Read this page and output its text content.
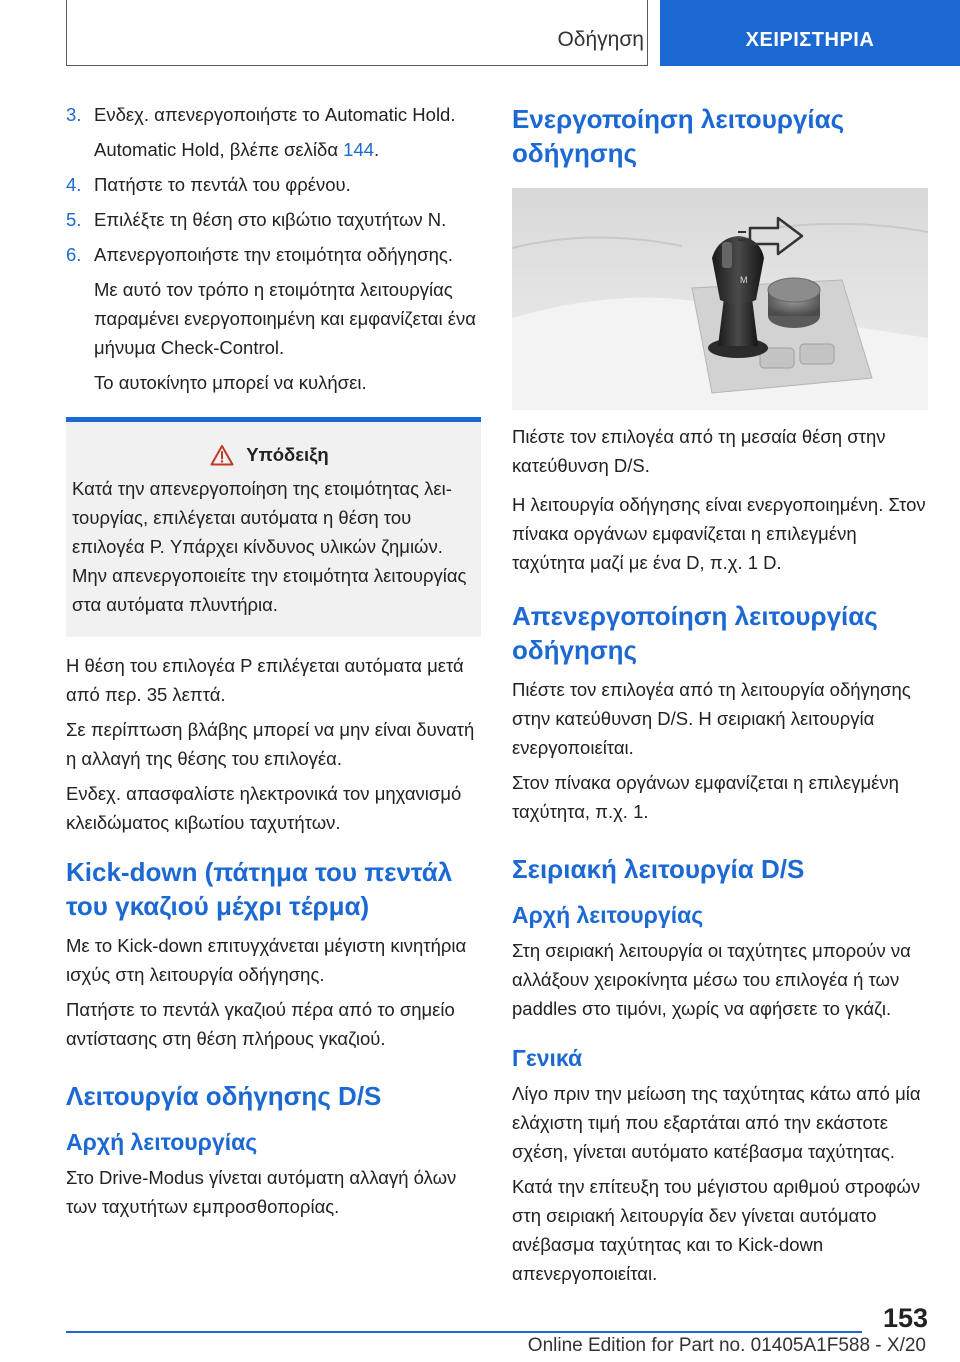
Οδήγηση	ΧΕΙΡΙΣΤΗΡΙΑ
3. Ενδεχ. απενεργοποιήστε το Automatic Hold.

Automatic Hold, βλέπε σελίδα 144.

4. Πατήστε το πεντάλ του φρένου.
5. Επιλέξτε τη θέση στο κιβώτιο ταχυτήτων N.
6. Απενεργοποιήστε την ετοιμότητα οδήγησης.

Με αυτό τον τρόπο η ετοιμότητα λειτουργίας παραμένει ενεργοποιημένη και εμφανίζεται ένα μήνυμα Check-Control.

Το αυτοκίνητο μπορεί να κυλήσει.

Υπόδειξη

Κατά την απενεργοποίηση της ετοιμότητας λειτουργίας, επιλέγεται αυτόματα η θέση του επιλογέα P. Υπάρχει κίνδυνος υλικών ζημιών. Μην απενεργοποιείτε την ετοιμότητα λειτουργίας στα αυτόματα πλυντήρια.

Η θέση του επιλογέα P επιλέγεται αυτόματα μετά από περ. 35 λεπτά.

Σε περίπτωση βλάβης μπορεί να μην είναι δυνατή η αλλαγή της θέσης του επιλογέα.

Ενδεχ. απασφαλίστε ηλεκτρονικά τον μηχανισμό κλειδώματος κιβωτίου ταχυτήτων.

Kick-down (πάτημα του πεντάλ του γκαζιού μέχρι τέρμα)

Με το Kick-down επιτυγχάνεται μέγιστη κινητήρια ισχύς στη λειτουργία οδήγησης.

Πατήστε το πεντάλ γκαζιού πέρα από το σημείο αντίστασης στη θέση πλήρους γκαζιού.

Λειτουργία οδήγησης D/S
Αρχή λειτουργίας

Στο Drive-Modus γίνεται αυτόματη αλλαγή όλων των ταχυτήτων εμπροσθοπορίας.

Ενεργοποίηση λειτουργίας οδήγησης
M

Πιέστε τον επιλογέα από τη μεσαία θέση στην κατεύθυνση D/S.

Η λειτουργία οδήγησης είναι ενεργοποιημένη. Στον πίνακα οργάνων εμφανίζεται η επιλεγμένη ταχύτητα μαζί με ένα D, π.χ. 1 D.

Απενεργοποίηση λειτουργίας οδήγησης

Πιέστε τον επιλογέα από τη λειτουργία οδήγησης στην κατεύθυνση D/S. Η σειριακή λειτουργία ενεργοποιείται.

Στον πίνακα οργάνων εμφανίζεται η επιλεγμένη ταχύτητα, π.χ. 1.

Σειριακή λειτουργία D/S
Αρχή λειτουργίας

Στη σειριακή λειτουργία οι ταχύτητες μπορούν να αλλάξουν χειροκίνητα μέσω του επιλογέα ή των paddles στο τιμόνι, χωρίς να αφήσετε το γκάζι.

Γενικά

Λίγο πριν την μείωση της ταχύτητας κάτω από μία ελάχιστη τιμή που εξαρτάται από την εκάστοτε σχέση, γίνεται αυτόματο κατέβασμα ταχύτητας.

Κατά την επίτευξη του μέγιστου αριθμού στροφών στη σειριακή λειτουργία δεν γίνεται αυτόματο ανέβασμα ταχύτητας και το Kick-down απενεργοποιείται.

153
Online Edition for Part no. 01405A1F588 - X/20
